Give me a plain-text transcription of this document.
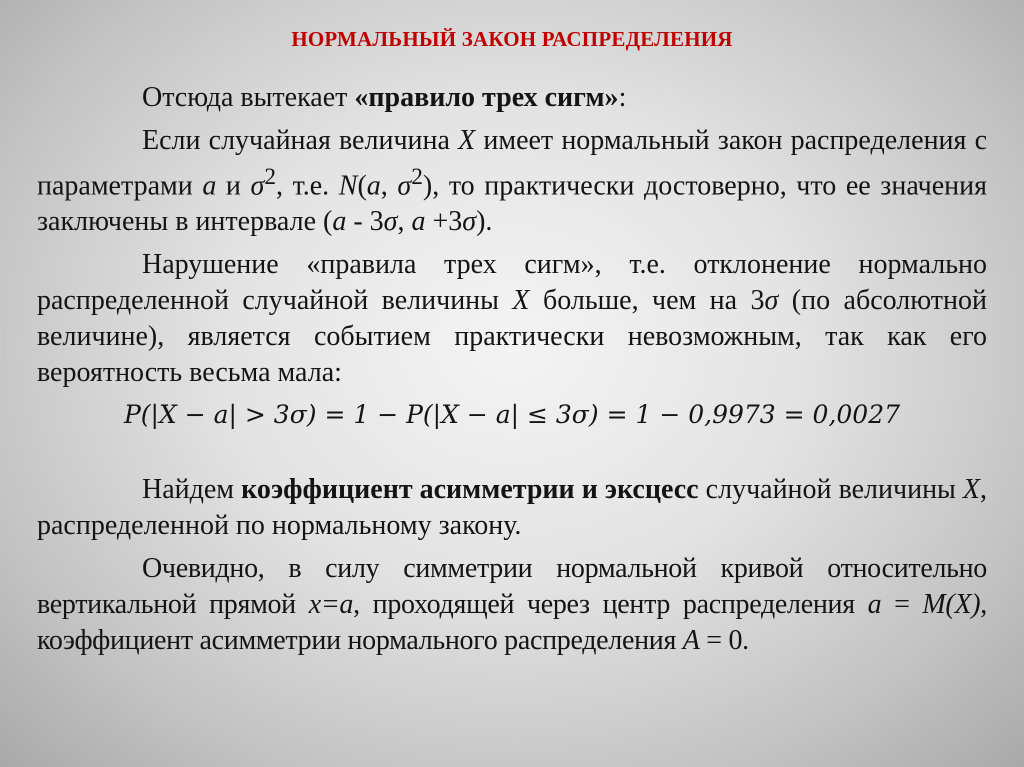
НОРМАЛЬНЫЙ ЗАКОН РАСПРЕДЕЛЕНИЯ

Отсюда вытекает «правило трех сигм»:

Если случайная величина X имеет нормальный закон распределения с параметрами a и $\sigma^2$, т.е. N(a, $\sigma^2$), то практически достоверно, что ее значения заключены в интервале (a - 3σ, a +3σ).

Нарушение «правила трех сигм», т.е. отклонение нормально распределенной случайной величины X больше, чем на 3σ (по абсолютной величине), является событием практически невозможным, так как его вероятность весьма мала:

P(|X − a| > 3σ) = 1 − P(|X − a| ≤ 3σ) = 1 − 0,9973 = 0,0027

Найдем коэффициент асимметрии и эксцесс случайной величины X, распределенной по нормальному закону.

Очевидно, в силу симметрии нормальной кривой относительно вертикальной прямой x=a, проходящей через центр распределения a = M(X), коэффициент асимметрии нормального распределения A = 0.
